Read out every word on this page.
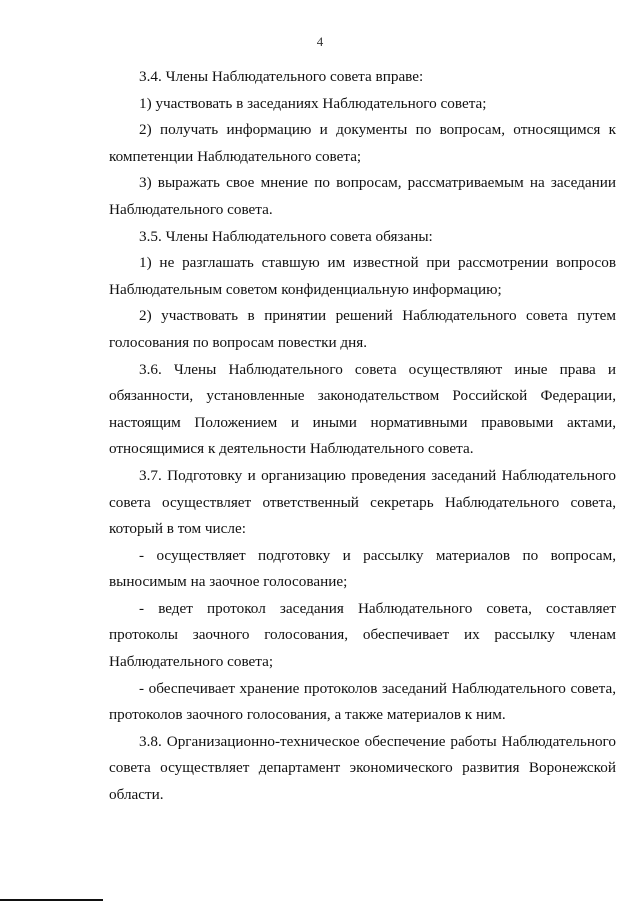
4

3.4. Члены Наблюдательного совета вправе:

1) участвовать в заседаниях Наблюдательного совета;

2) получать информацию и документы по вопросам, относящимся к компетенции Наблюдательного совета;

3) выражать свое мнение по вопросам, рассматриваемым на заседании Наблюдательного совета.

3.5. Члены Наблюдательного совета обязаны:

1) не разглашать ставшую им известной при рассмотрении вопросов Наблюдательным советом конфиденциальную информацию;

2) участвовать в принятии решений Наблюдательного совета путем голосования по вопросам повестки дня.

3.6. Члены Наблюдательного совета осуществляют иные права и обязанности, установленные законодательством Российской Федерации, настоящим Положением и иными нормативными правовыми актами, относящимися к деятельности Наблюдательного совета.

3.7. Подготовку и организацию проведения заседаний Наблюдательного совета осуществляет ответственный секретарь Наблюдательного совета, который в том числе:

- осуществляет подготовку и рассылку материалов по вопросам, выносимым на заочное голосование;

- ведет протокол заседания Наблюдательного совета, составляет протоколы заочного голосования, обеспечивает их рассылку членам Наблюдательного совета;

- обеспечивает хранение протоколов заседаний Наблюдательного совета, протоколов заочного голосования, а также материалов к ним.

3.8. Организационно-техническое обеспечение работы Наблюдательного совета осуществляет департамент экономического развития Воронежской области.
